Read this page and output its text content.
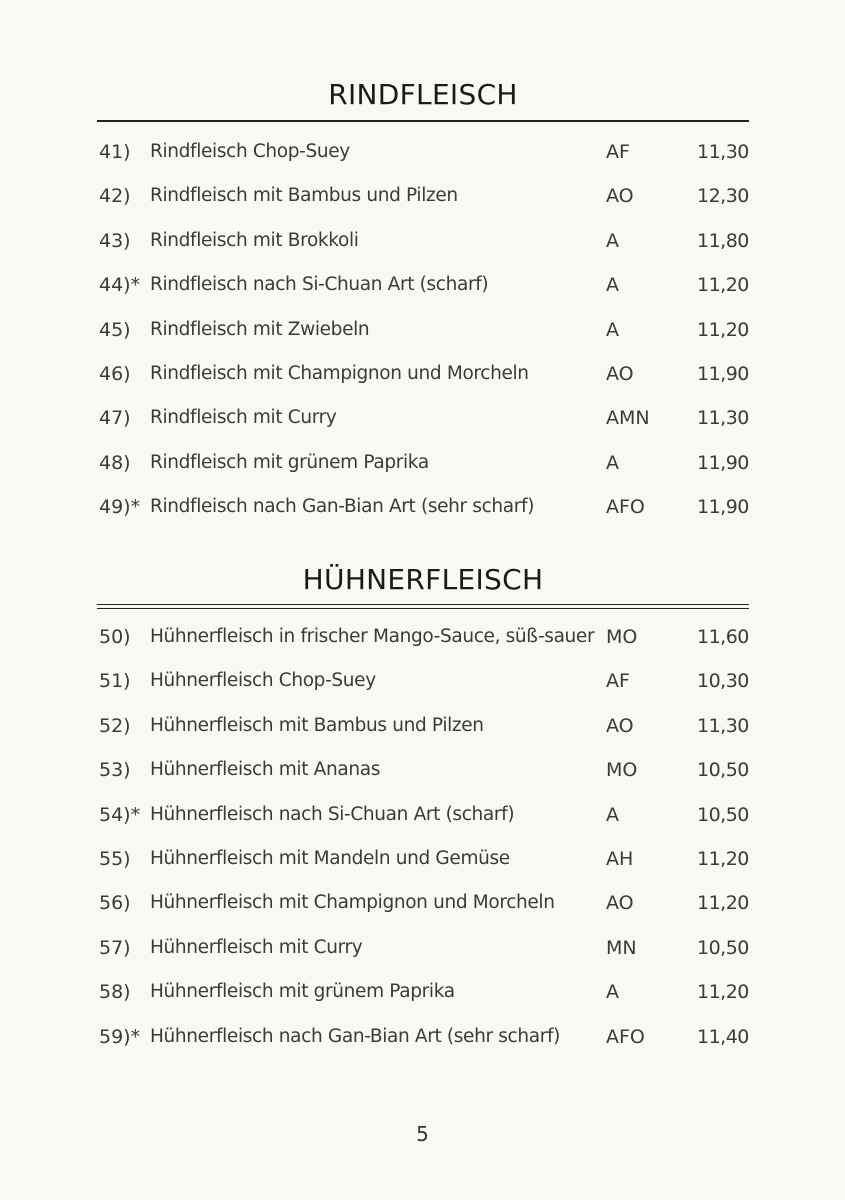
RINDFLEISCH
41) Rindfleisch Chop-Suey	AF	11,30
42) Rindfleisch mit Bambus und Pilzen	AO	12,30
43) Rindfleisch mit Brokkoli	A	11,80
44)* Rindfleisch nach Si-Chuan Art (scharf)	A	11,20
45) Rindfleisch mit Zwiebeln	A	11,20
46) Rindfleisch mit Champignon und Morcheln	AO	11,90
47) Rindfleisch mit Curry	AMN 11,30
48) Rindfleisch mit grünem Paprika	A	11,90
49)* Rindfleisch nach Gan-Bian Art (sehr scharf)	AFO	11,90
HÜHNERFLEISCH
50) Hühnerfleisch in frischer Mango-Sauce, süß-sauer MO	11,60
51) Hühnerfleisch Chop-Suey	AF	10,30
52) Hühnerfleisch mit Bambus und Pilzen	AO	11,30
53) Hühnerfleisch mit Ananas	MO	10,50
54)* Hühnerfleisch nach Si-Chuan Art (scharf)	A	10,50
55) Hühnerfleisch mit Mandeln und Gemüse	AH	11,20
56) Hühnerfleisch mit Champignon und Morcheln	AO	11,20
57) Hühnerfleisch mit Curry	MN	10,50
58) Hühnerfleisch mit grünem Paprika	A	11,20
59)* Hühnerfleisch nach Gan-Bian Art (sehr scharf) AFO	11,40
5
